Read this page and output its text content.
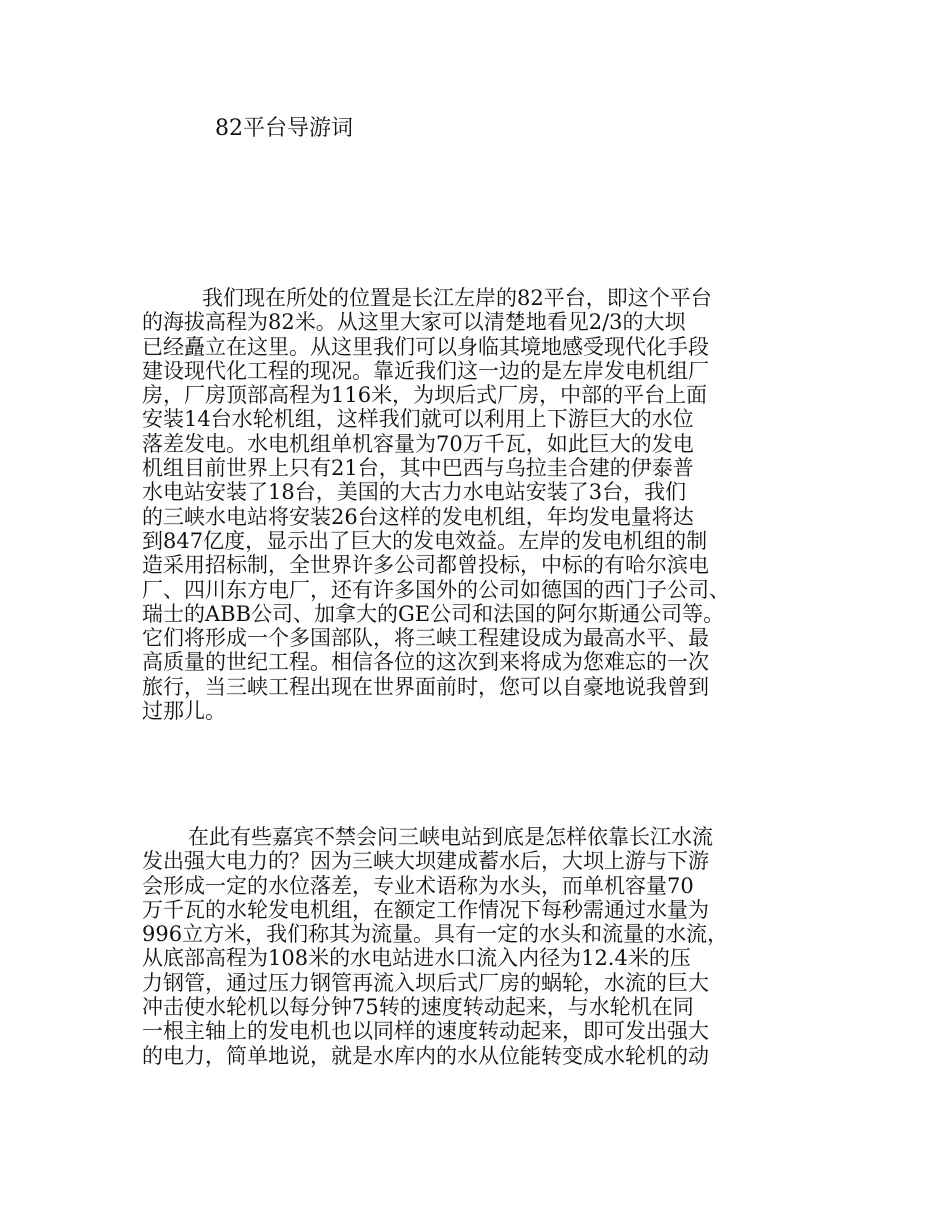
82平台导游词
我们现在所处的位置是长江左岸的82平台，即这个平台
的海拔高程为82米。从这里大家可以清楚地看见2/3的大坝
已经矗立在这里。从这里我们可以身临其境地感受现代化手段
建设现代化工程的现况。靠近我们这一边的是左岸发电机组厂
房，厂房顶部高程为116米，为坝后式厂房，中部的平台上面
安装14台水轮机组，这样我们就可以利用上下游巨大的水位
落差发电。水电机组单机容量为70万千瓦，如此巨大的发电
机组目前世界上只有21台，其中巴西与乌拉圭合建的伊泰普
水电站安装了18台，美国的大古力水电站安装了3台，我们
的三峡水电站将安装26台这样的发电机组，年均发电量将达
到847亿度，显示出了巨大的发电效益。左岸的发电机组的制
造采用招标制，全世界许多公司都曾投标，中标的有哈尔滨电
厂、四川东方电厂，还有许多国外的公司如德国的西门子公司、
瑞士的ABB公司、加拿大的GE公司和法国的阿尔斯通公司等。
它们将形成一个多国部队，将三峡工程建设成为最高水平、最
高质量的世纪工程。相信各位的这次到来将成为您难忘的一次
旅行，当三峡工程出现在世界面前时，您可以自豪地说我曾到
过那儿。
在此有些嘉宾不禁会问三峡电站到底是怎样依靠长江水流
发出强大电力的？因为三峡大坝建成蓄水后，大坝上游与下游
会形成一定的水位落差，专业术语称为水头，而单机容量70
万千瓦的水轮发电机组，在额定工作情况下每秒需通过水量为
996立方米，我们称其为流量。具有一定的水头和流量的水流，
从底部高程为108米的水电站进水口流入内径为12.4米的压
力钢管，通过压力钢管再流入坝后式厂房的蜗轮，水流的巨大
冲击使水轮机以每分钟75转的速度转动起来，与水轮机在同
一根主轴上的发电机也以同样的速度转动起来，即可发出强大
的电力，简单地说，就是水库内的水从位能转变成水轮机的动
